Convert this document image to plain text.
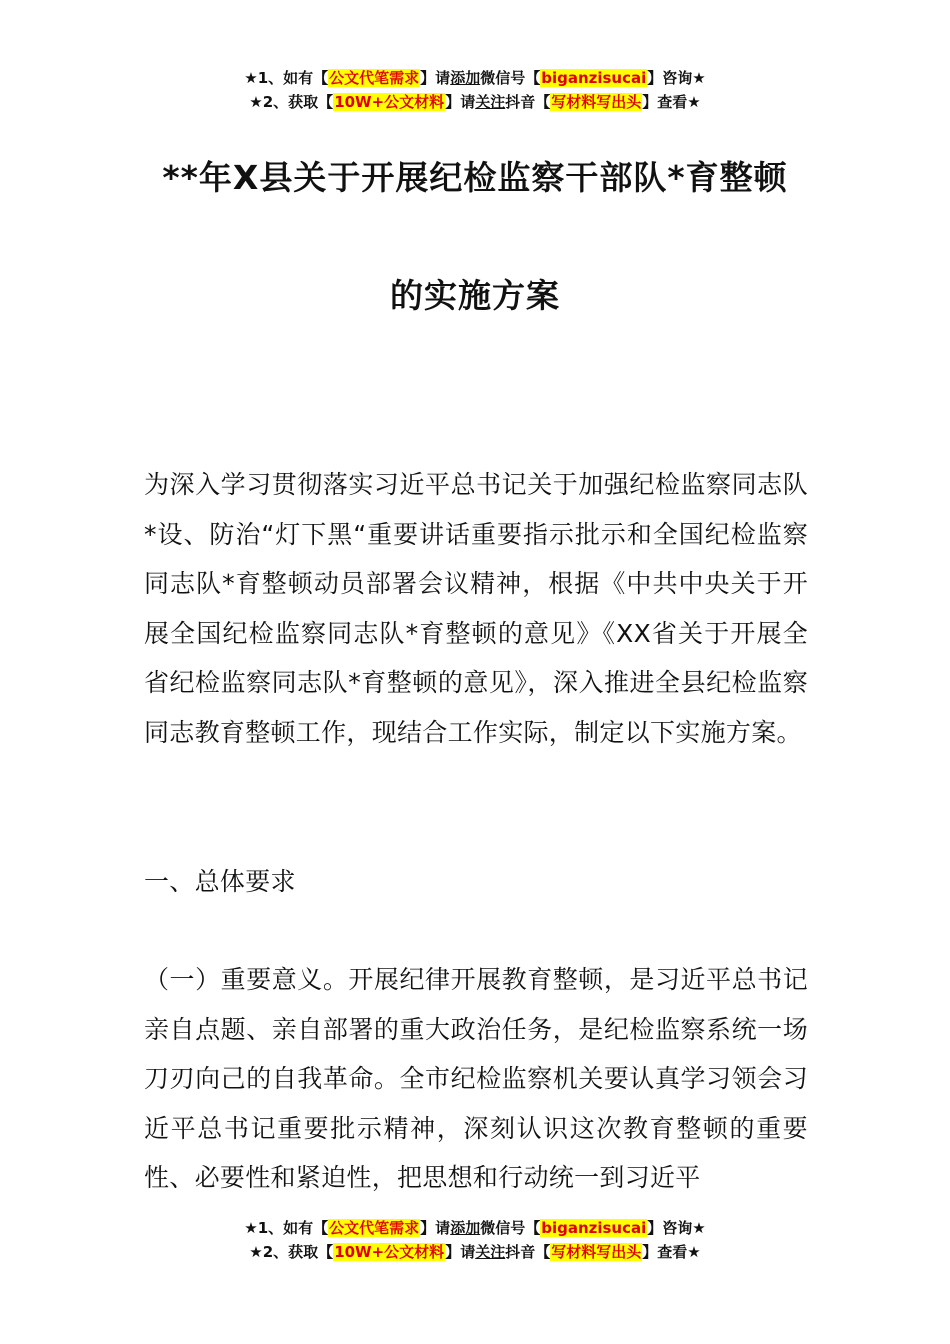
★1、如有【公文代笔需求】请添加微信号【biganzisucai】咨询★
★2、获取【10W+公文材料】请关注抖音【写材料写出头】查看★
**年X县关于开展纪检监察干部队*育整顿
的实施方案
为深入学习贯彻落实习近平总书记关于加强纪检监察同志队*设、防治“灯下黑“重要讲话重要指示批示和全国纪检监察同志队*育整顿动员部署会议精神，根据《中共中央关于开展全国纪检监察同志队*育整顿的意见》《XX省关于开展全省纪检监察同志队*育整顿的意见》，深入推进全县纪检监察同志教育整顿工作，现结合工作实际，制定以下实施方案。
一、总体要求
（一）重要意义。开展纪律开展教育整顿，是习近平总书记亲自点题、亲自部署的重大政治任务，是纪检监察系统一场刀刃向己的自我革命。全市纪检监察机关要认真学习领会习近平总书记重要批示精神，深刻认识这次教育整顿的重要性、必要性和紧迫性，把思想和行动统一到习近平
★1、如有【公文代笔需求】请添加微信号【biganzisucai】咨询★
★2、获取【10W+公文材料】请关注抖音【写材料写出头】查看★
